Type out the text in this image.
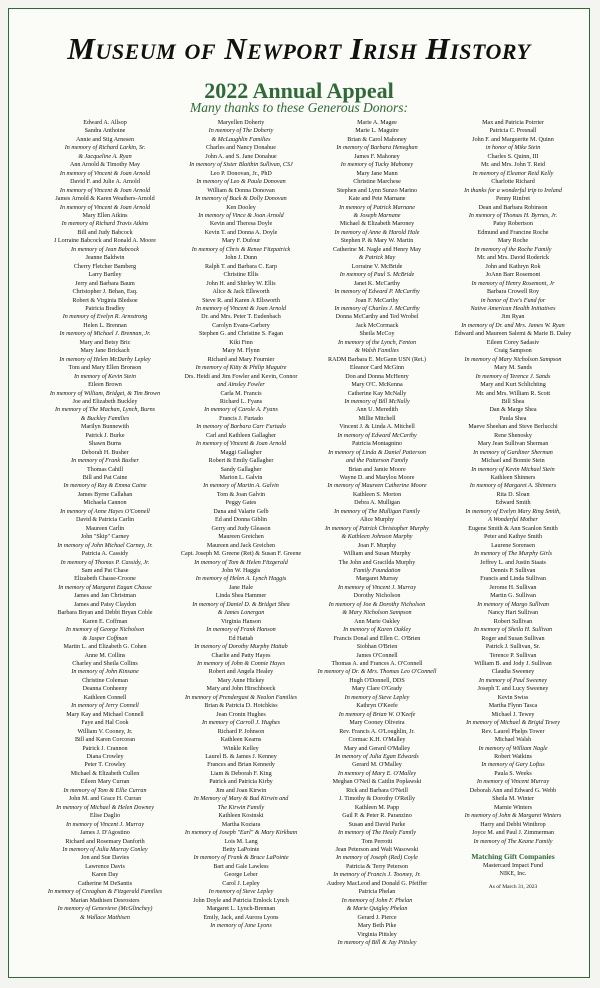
Museum of Newport Irish History
2022 Annual Appeal
Many thanks to these Generous Donors:
Edward A. Allsop
Sandra Anthoine
Annie and Stig Arnesen
In memory of Richard Larkin, Sr.
& Jacqueline A. Ryan
Ann Arnold & Timothy May
In memory of Vincent & Joan Arnold
David F. and Julie A. Arnold
In memory of Vincent & Joan Arnold
James Arnold & Karen Weathers-Arnold
In memory of Vincent & Joan Arnold
Mary Ellen Atkins
In memory of Richard Travis Atkins
Bill and Judy Babcock
J Lorraine Babcock and Ronald A. Moore
In memory of Jean Babcock
Jeanne Baldwin
Cherry Fletcher Bamberg
Larry Bartley
Jerry and Barbara Baum
Christopher J. Behan, Esq.
Robert & Virginia Bledsoe
Patricia Bradley
In memory of Evelyn R. Armstrong
Helen L. Brennan
In memory of Michael J. Brennan, Jr.
Mary and Betsy Bric
Mary Jane Brickach
In memory of Helen McDarby Lepley
Tom and Mary Ellen Bronson
In memory of Kevin Stein
Eileen Brown
In memory of William, Bridget, & Tim Brown
Joe and Elizabeth Buckley
In memory of The Machan, Lynch, Burns
& Buckley Families
Marilyn Bunnewith
Patrick J. Burke
Shawn Burns
Deborah H. Busher
In memory of Frank Busher
Thomas Cahill
Bill and Pat Caine
In memory of Ray & Emma Caine
James Byrne Callahan
Michaela Cannon
In memory of Anne Hayes O'Connell
David & Patricia Carlin
Maureen Carlin
John "Skip" Carney
In memory of John Michael Carney, Jr.
Patricia A. Cassidy
In memory of Thomas P. Cassidy, Jr.
Sam and Pat Chase
Elizabeth Chasse-Croone
In memory of Margaret Eagan Chasse
James and Jan Christman
James and Patsy Claydon
Barbara Bryan and Debbi Bryan Coble
Karen E. Coffman
In memory of George Nicholson
& Jasper Coffman
Martin L. and Elizabeth G. Cohen
Anne M. Collins
Charley and Sheila Collins
In memory of John Kinsane
Christine Coleman
Deanna Conheeny
Kathleen Connell
In memory of Jerry Connell
Mary Kay and Michael Connell
Faye and Hal Cook
William V. Cooney, Jr.
Bill and Karen Corcoran
Patrick J. Crannon
Diana Crowley
Peter T. Crowley
Michael & Elizabeth Cullen
Eileen Mary Curran
In memory of Tom & Ellie Curran
John M. and Grace H. Curran
In memory of Michael & Helen Downey
Elise Daglio
In memory of Vincent J. Murray
James J. D'Agostino
Richard and Rosemary Danforth
In memory of Julia Murray Conley
Jon and Sue Davies
Lawrence Davis
Karen Day
Catherine M DeSantis
In memory of Creaghan & Fitzgerald Families
Marian Mathisen Desrosiers
In memory of Genevieve (McGlinchey)
& Wallace Mathisen
Maryellen Doherty
In memory of The Doherty
& McLaughlin Families
Charles and Nancy Donahue
John A. and S. Jane Donahue
In memory of Sister Blaithin Sullivan, CSJ
Leo P. Donovan, Jr., PhD
In memory of Leo & Paula Donovan
William & Donna Donovan
In memory of Buck & Dolly Donovan
Ken Dooley
In memory of Vince & Joan Arnold
Kevin and Theresa Doyle
Kevin T. and Donna A. Doyle
Mary F. Dufour
In memory of Chris & Renee Fitzpatrick
John J. Dunn
Ralph T. and Barbara C. Earp
Christine Ellis
John H. and Shirley W. Ellis
Alice & Jack Ellsworth
Steve R. and Karen A Ellsworth
In memory of Vincent & Joan Arnold
Dr. and Mrs. Peter T. Eudenbach
Carolyn Evans-Carbery
Stephen G. and Christine S. Fagan
Kiki Finn
Mary M. Flynn
Richard and Mary Fournier
In memory of Kitty & Philip Maguire
Drs. Heidi and Jim Fowler and Kevin, Connor
and Ainsley Fowler
Carla M. Francis
Richard L. Fyans
In memory of Carole A. Fyans
Francis J. Furtado
In memory of Barbara Carr Furtado
Carl and Kathleen Gallagher
In memory of Vincent & Joan Arnold
Maggi Gallagher
Robert & Emily Gallagher
Sandy Gallagher
Marion L. Galvin
In memory of Martin A. Galvin
Tom & Joan Galvin
Peggy Gates
Dana and Valarie Gelb
Ed and Donna Giblin
Gerry and Judy Gleason
Maureen Greichen
Maureen and Jack Greichen
Capt. Joseph M. Greene (Ret) & Susan F. Greene
In memory of Tom & Helen Fitzgerald
John W. Haggis
In memory of Helen A. Lynch Haggis
Jane Hale
Linda Shea Hammer
In memory of Daniel D. & Bridget Shea
& James Lonergan
Virginia Hanson
In memory of Frank Hanson
Ed Hattab
In memory of Dorothy Murphy Hattab
Charlie and Patty Hayes
In memory of John & Connie Hayes
Robert and Angela Healey
Mary Anne Hickey
Mary and John Hirschboeck
In memory of Prendergast & Nealon Families
Brian & Patricia D. Hotchkiss
Jean Cronin Hughes
In memory of Carroll J. Hughes
Richard P. Johnson
Kathleen Kearns
Winkle Kelley
Laurel B. & James J. Kenney
Frances and Brian Kennedy
Liam & Deborah F. King
Patrick and Patricia Kirby
Jim and Joan Kirwin
In Memory of Mary & Bud Kirwin and
The Kirwin Family
Kathleen Kosinski
Martha Koziara
In memory of Joseph "Earl" & Mary Kirkham
Lois M. Lang
Betty LaPointe
In memory of Frank & Bruce LaPointe
Bart and Gale Lawless
George Leber
Carol J. Lepley
In memory of Steve Lepley
John Doyle and Patricia Emlock Lynch
Margaret L. Lynch-Brennan
Emily, Jack, and Aurora Lyons
In memory of Jane Lyons
Marie A. Magee
Marie L. Maguire
Brian & Carol Mahoney
In memory of Barbara Heneghan
James F. Mahoney
In memory of Tucky Mahoney
Mary Jane Mann
Christine Marchese
Stephen and Lynn Sunzo Marino
Kate and Pete Marnane
In memory of Patrick Marnane
& Joseph Marnane
Michael & Elizabeth Maroney
In memory of Anne & Harold Hale
Stephen P. & Mary W. Martin
Catherine M. Nagle and Henry May
& Patrick May
Lorraine V. McBride
In memory of Paul S. McBride
Janet K. McCarthy
In memory of Edward P. McCarthy
Joan F. McCarthy
In memory of Charles J. McCarthy
Donna McCarthy and Ted Wrobel
Jack McCormack
Sheila McCoy
In memory of the Lynch, Fenton
& Walsh Families
RADM Barbara E. McGann USN (Ret.)
Eleanor Card McGinn
Don and Donna McHenry
Mary O'C. McKenna
Catherine Kay McNally
In memory of Bill McNally
Ann U. Meredith
Millie Mitchell
Vincent J. & Linda A. Mitchell
In memory of Edward McCarthy
Patricia Montagnino
In memory of Linda & Daniel Patterson
and the Patterson Family
Brian and Jamie Moore
Wayne D. and Marylou Moore
In memory of Maureen Catherine Moore
Kathleen S. Morton
Debra A. Mulligan
In memory of The Mulligan Family
Alice Murphy
In memory of Patrick Christopher Murphy
& Kathleen Johnson Murphy
Joan F. Murphy
William and Susan Murphy
The John and Gracilda Murphy
Family Foundation
Margaret Murray
In memory of Vincent J. Murray
Dorothy Nicholson
In memory of Joe & Dorothy Nicholson
& Mary Nicholson Sampson
Ann Marie Oakley
In memory of Karen Oakley
Francis Donal and Ellen C. O'Brien
Siobhan O'Brien
James O'Connell
Thomas A. and Frances A. O'Connell
In memory of Dr. & Mrs. Thomas Leo O'Connell
Hugh O'Donnell, DDS
Mary Clare O'Grady
In memory of Steve Lepley
Kathryn O'Keefe
In memory of Brian W. O'Keefe
Mary Cooney Oliveira
Rev. Francis A. O'Loughlin, Jr.
Cormac K.H. O'Malley
Mary and Gerard O'Malley
In memory of Julia Egan Edwards
Gerard M. O'Malley
In memory of Mary E. O'Malley
Meghan O'Neil & Caitlin Poplawski
Rick and Barbara O'Neill
J. Timothy & Dorothy O'Reilly
Kathleen M. Papp
Gail P. & Peter R. Paranzino
Susan and David Parke
In memory of The Healy Family
Tom Perrotti
Jean Peterson and Walt Wasowski
In memory of Joseph (Red) Coyle
Patricia & Terry Peterson
In memory of Francis J. Toomey, Jr.
Audrey MacLeod and Donald G. Pfeiffer
Patricia Phelan
In memory of John F. Phelan
& Marie Quigley Phelan
Gerard J. Pierce
Mary Beth Pike
Virginia Pittsley
In memory of Bill & Jay Pittsley
Max and Patricia Poirrier
Patricia C. Presnall
John F. and Marguerite M. Quinn
in honor of Mike Stein
Charles S. Quinn, III
Mr. and Mrs. John T. Reid
In memory of Eleanor Reid Kelly
Charlotte Richard
In thanks for a wonderful trip to Ireland
Penny Rinfret
Dean and Barbara Robinson
In memory of Thomas H. Byrnes, Jr.
Patsy Robertson
Edmund and Francine Roche
Mary Roche
In memory of the Roche Family
Mr. and Mrs. David Roderick
John and Kathryn Rok
JoAnn Barr Rosemont
In memory of Henry Rosemont, Jr
Barbara Crowell Roy
in honor of Eve's Fund for
Native American Health Initiatives
Jim Ryan
In memory of Dr. and Mrs. James W. Ryan
Edward and Maureen Salemi & Marie B. Daley
Eileen Corey Sadasiv
Craig Sampson
In memory of Mary Nicholson Sampson
Mary M. Sands
In memory of Terence J. Sands
Mary and Kurt Schlichting
Mr. and Mrs. William R. Scott
Bill Shea
Dan & Marge Shea
Paula Shea
Maeve Sheehan and Steve Berlucchi
Rene Shenosky
Mary Jean Sullivan Sherman
In memory of Gardiner Sherman
Michael and Bonnie Stein
In memory of Kevin Michael Stein
Kathleen Shinners
In memory of Margaret A. Shinners
Rita D. Sloan
Edward Smith
In memory of Evelyn Mary Ring Smith,
A Wonderful Mother
Eugene Smith & Ann Scanlon Smith
Peter and Kathye Smith
Laurene Sorensen
In memory of The Murphy Girls
Jeffrey L. and Justin Staats
Dennis P. Sullivan
Francis and Linda Sullivan
Jerome H. Sullivan
Martin G. Sullivan
In memory of Margo Sullivan
Nancy Hart Sullivan
Robert Sullivan
In memory of Sheila H. Sullivan
Roger and Susan Sullivan
Patrick J. Sullivan, Sr.
Terence P. Sullivan
William B. and Jody J. Sullivan
Claudia Sweeney
In memory of Paul Sweeney
Joseph T. and Lucy Sweeney
Kevin Swiss
Martha Flynn Tasca
Michael J. Tewey
In memory of Michael & Brigid Tewey
Rev. Laurel Phelps Tower
Michael Walsh
In memory of William Nagle
Robert Watkins
In memory of Gary Loftus
Paula S. Weeks
In memory of Vincent Murray
Deborah Ann and Edward G. Webb
Sheila M. Winter
Marnie Winters
In memory of John & Margaret Winters
Harry and Debbi Winthrop
Joyce M. and Paul J. Zimmerman
In memory of The Keane Family
Matching Gift Companies
Mastercard Impact Fund
NIKE, Inc.
As of March 31, 2023
